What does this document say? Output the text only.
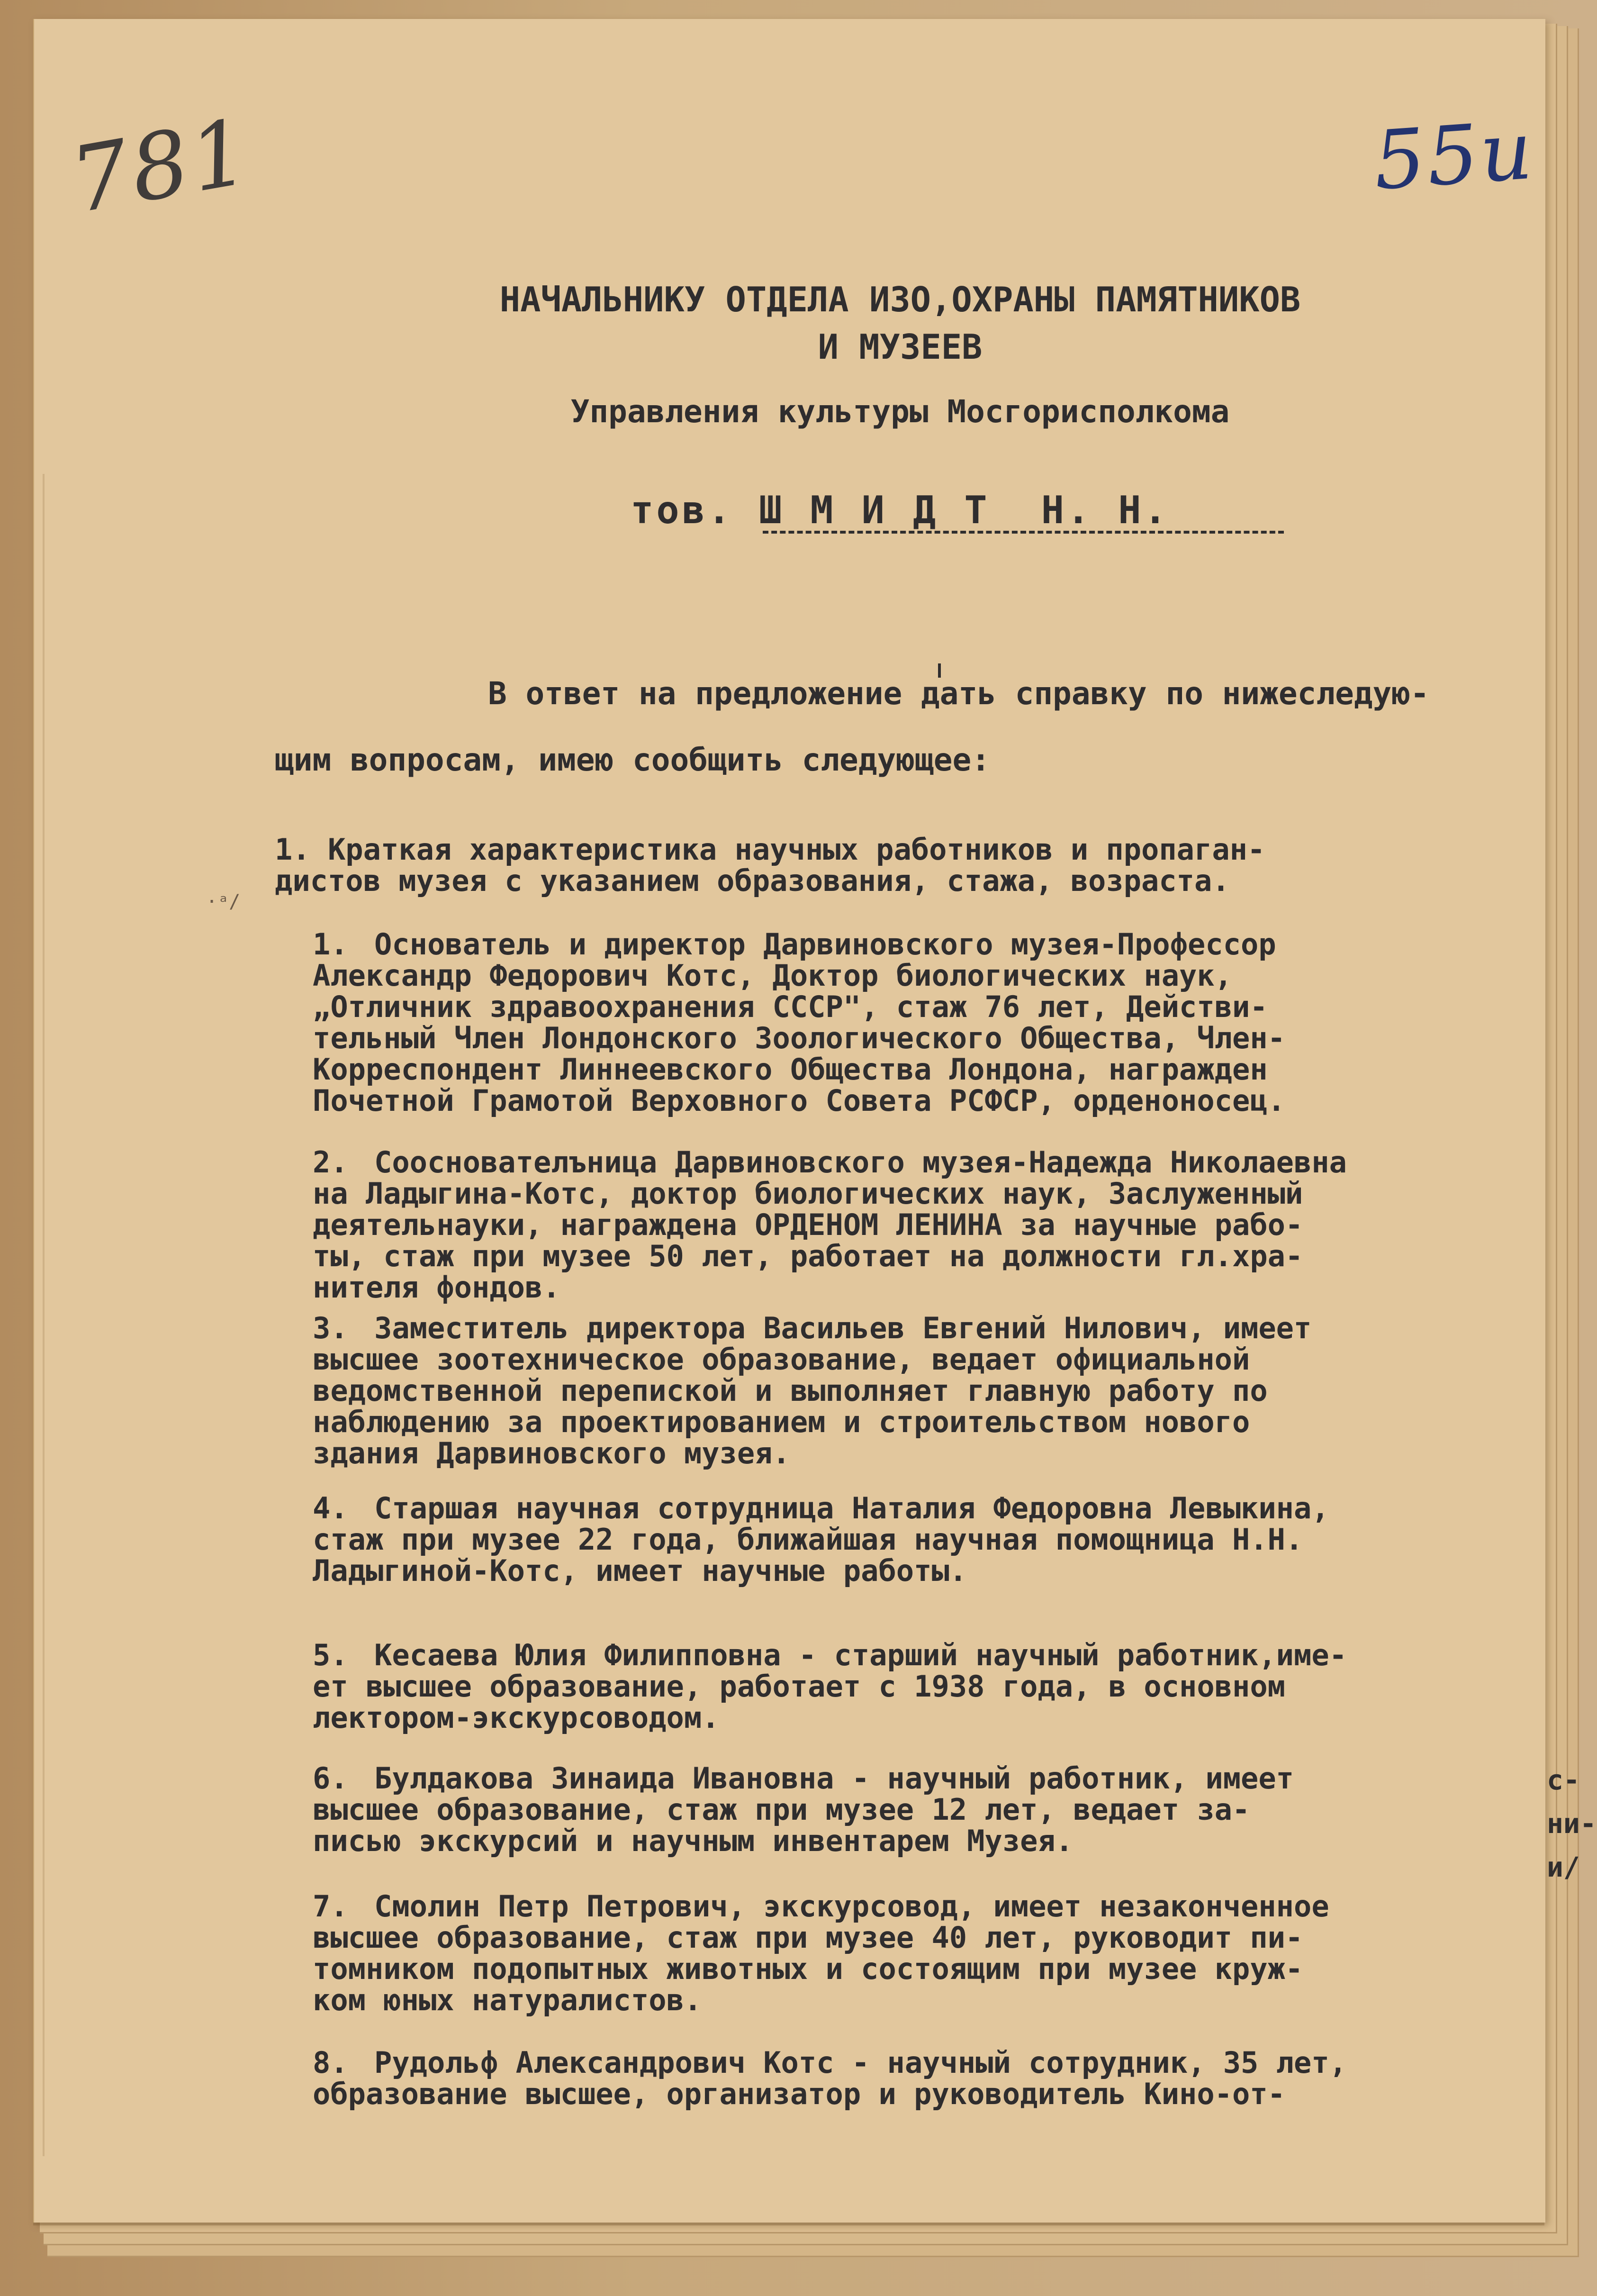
781	55u
НАЧАЛЬНИКУ ОТДЕЛА ИЗО,ОХРАНЫ ПАМЯТНИКОВ
И МУЗЕЕВ
Управления культуры Мосгорисполкома
тов. Ш М И Д Т  Н. Н.
В ответ на предложение дать справку по нижеследую-
щим вопросам, имею сообщить следующее:
1. Краткая характеристика научных работников и пропаган-
дистов музея с указанием образования, стажа, возраста.
·ᵃ/
1. Основатель и директор Дарвиновского музея-Профессор
Александр Федорович Котс, Доктор биологических наук,
„Отличник здравоохранения СССР", стаж 76 лет, Действи-
тельный Член Лондонского Зоологического Общества, Член-
Корреспондент Линнеевского Общества Лондона, награжден
Почетной Грамотой Верховного Совета РСФСР, орденоносец.
2. Сооснователъница Дарвиновского музея-Надежда Николаевна
на Ладыгина-Котс, доктор биологических наук, Заслуженный
деятельнауки, награждена ОРДЕНОМ ЛЕНИНА за научные рабо-
ты, стаж при музее 50 лет, работает на должности гл.хра-
нителя фондов.
3. Заместитель директора Васильев Евгений Нилович, имеет
высшее зоотехническое образование, ведает официальной
ведомственной перепиской и выполняет главную работу по
наблюдению за проектированием и строительством нового
здания Дарвиновского музея.
4. Старшая научная сотрудница Наталия Федоровна Левыкина,
стаж при музее 22 года, ближайшая научная помощница Н.Н.
Ладыгиной-Котс, имеет научные работы.
5. Кесаева Юлия Филипповна - старший научный работник,име-
ет высшее образование, работает с 1938 года, в основном
лектором-экскурсоводом.
6. Булдакова Зинаида Ивановна - научный работник, имеет
высшее образование, стаж при музее 12 лет, ведает за-
писью экскурсий и научным инвентарем Музея.
7. Смолин Петр Петрович, экскурсовод, имеет незаконченное
высшее образование, стаж при музее 40 лет, руководит пи-
томником подопытных животных и состоящим при музее круж-
ком юных натуралистов.
8. Рудольф Александрович Котс - научный сотрудник, 35 лет,
образование высшее, организатор и руководитель Кино-от-
с-
ни-
и/
